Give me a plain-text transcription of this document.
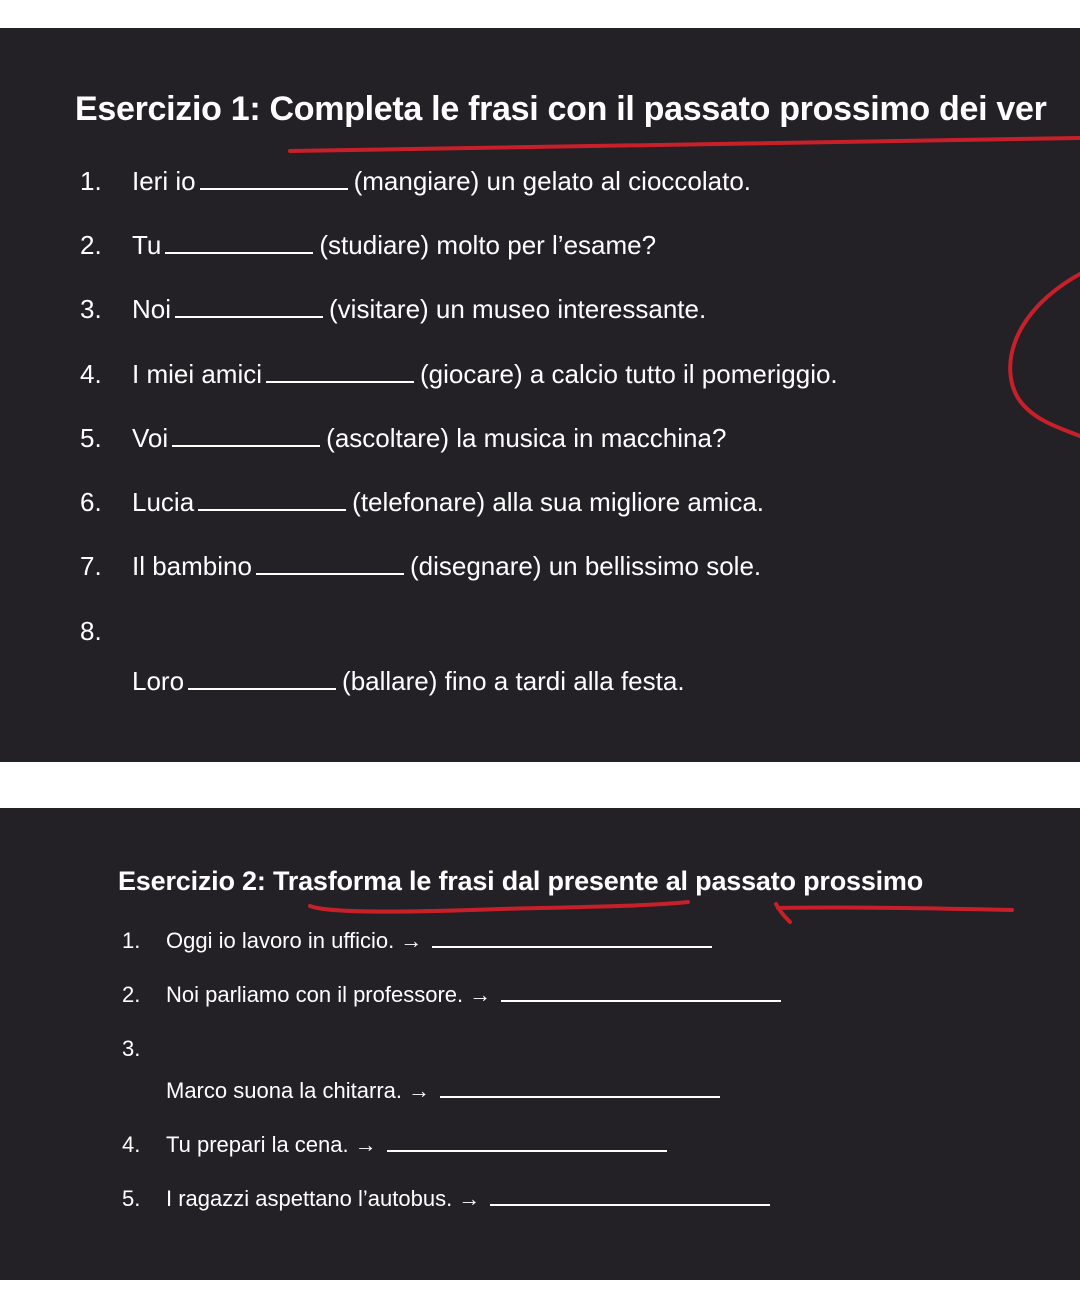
Esercizio 1: Completa le frasi con il passato prossimo dei ver
1. Ieri io	(mangiare) un gelato al cioccolato.
2. Tu	(studiare) molto per l’esame?
3. Noi	(visitare) un museo interessante.
4. I miei amici	(giocare) a calcio tutto il pomeriggio.
5. Voi	(ascoltare) la musica in macchina?
6. Lucia	(telefonare) alla sua migliore amica.
7. Il bambino	(disegnare) un bellissimo sole.
8.
Loro	(ballare) fino a tardi alla festa.
Esercizio 2: Trasforma le frasi dal presente al passato prossimo
1. Oggi io lavoro in ufficio. →
2. Noi parliamo con il professore. →
3.
Marco suona la chitarra. →
4. Tu prepari la cena. →
5. I ragazzi aspettano l’autobus. →
